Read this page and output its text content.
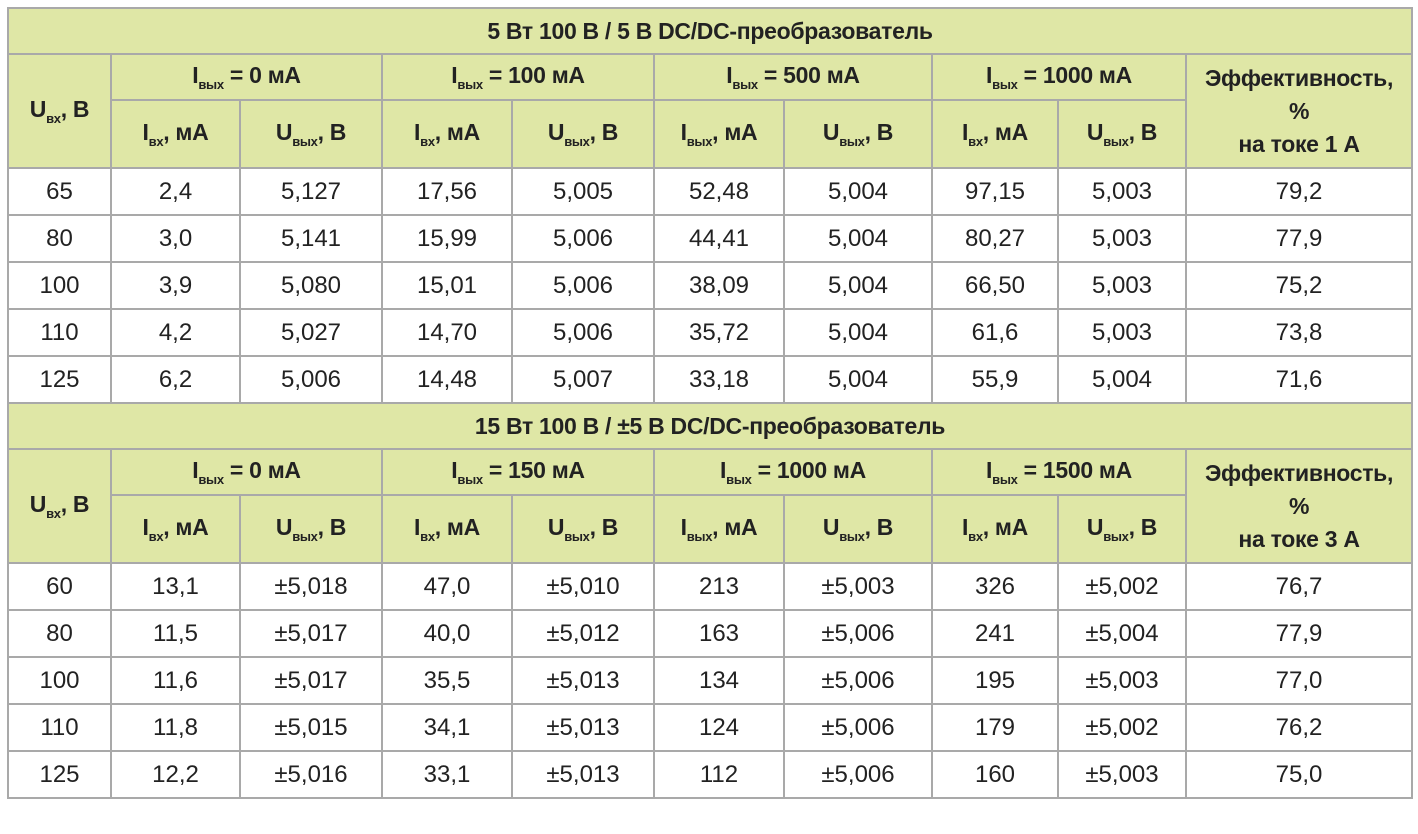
5 Вт 100 В / 5 В DC/DC-преобразователь									
$U_{вх}$, В	$I_{вых} = 0$ мА		$I_{вых} = 100$ мА		$I_{вых} = 500$ мА		$I_{вых} = 1000$ мА		Эффективность,
%
на токе 1 А
	$I_{вх}$, мА	$U_{вых}$, В	$I_{вх}$, мА	$U_{вых}$, В	$I_{вых}$, мА	$U_{вых}$, В	$I_{вх}$, мА	$U_{вых}$, В	
65	2,4	5,127	17,56	5,005	52,48	5,004	97,15	5,003	79,2
80	3,0	5,141	15,99	5,006	44,41	5,004	80,27	5,003	77,9
100	3,9	5,080	15,01	5,006	38,09	5,004	66,50	5,003	75,2
110	4,2	5,027	14,70	5,006	35,72	5,004	61,6	5,003	73,8
125	6,2	5,006	14,48	5,007	33,18	5,004	55,9	5,004	71,6
15 Вт 100 В / ±5 В DC/DC-преобразователь									
$U_{вх}$, В	$I_{вых} = 0$ мА		$I_{вых} = 150$ мА		$I_{вых} = 1000$ мА		$I_{вых} = 1500$ мА		Эффективность,
%
на токе 3 А
	$I_{вх}$, мА	$U_{вых}$, В	$I_{вх}$, мА	$U_{вых}$, В	$I_{вых}$, мА	$U_{вых}$, В	$I_{вх}$, мА	$U_{вых}$, В	
60	13,1	±5,018	47,0	±5,010	213	±5,003	326	±5,002	76,7
80	11,5	±5,017	40,0	±5,012	163	±5,006	241	±5,004	77,9
100	11,6	±5,017	35,5	±5,013	134	±5,006	195	±5,003	77,0
110	11,8	±5,015	34,1	±5,013	124	±5,006	179	±5,002	76,2
125	12,2	±5,016	33,1	±5,013	112	±5,006	160	±5,003	75,0
